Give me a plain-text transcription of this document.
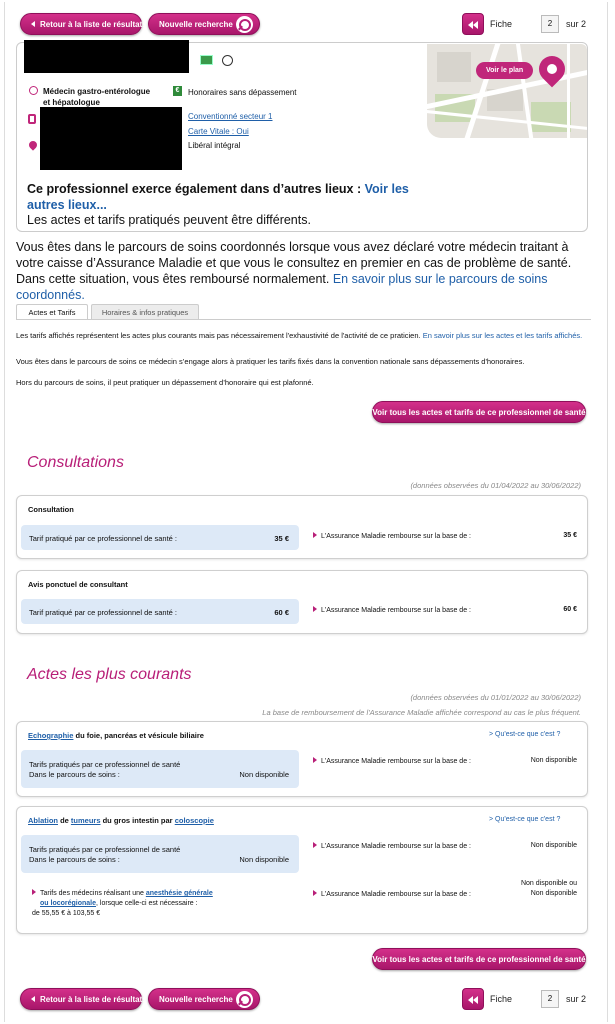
Retour à la liste de résultats Nouvelle recherche	Fiche	2	sur 2
Médecin gastro-entérologue
et hépatologue
€	Honoraires sans dépassement
Conventionné secteur 1
Carte Vitale : Oui
Libéral intégral
Voir le plan
Ce professionnel exerce également dans d’autres lieux : Voir les autres lieux...
Les actes et tarifs pratiqués peuvent être différents.
Vous êtes dans le parcours de soins coordonnés lorsque vous avez déclaré votre médecin traitant à votre caisse d’Assurance Maladie et que vous le consultez en premier en cas de problème de santé. Dans cette situation, vous êtes remboursé normalement. En savoir plus sur le parcours de soins coordonnés.
Actes et Tarifs	Horaires & infos pratiques
Les tarifs affichés représentent les actes plus courants mais pas nécessairement l'exhaustivité de l'activité de ce praticien. En savoir plus sur les actes et les tarifs affichés.
Vous êtes dans le parcours de soins ce médecin s’engage alors à pratiquer les tarifs fixés dans la convention nationale sans dépassements d'honoraires.
Hors du parcours de soins, il peut pratiquer un dépassement d’honoraire qui est plafonné.
Voir tous les actes et tarifs de ce professionnel de santé
Consultations
(données observées du 01/04/2022 au 30/06/2022)
Consultation
Tarif pratiqué par ce professionnel de santé :	35 €	L'Assurance Maladie rembourse sur la base de :	35 €
Avis ponctuel de consultant
Tarif pratiqué par ce professionnel de santé :	60 €	L'Assurance Maladie rembourse sur la base de :	60 €
Actes les plus courants
(données observées du 01/01/2022 au 30/06/2022)
La base de remboursement de l'Assurance Maladie affichée correspond au cas le plus fréquent.
Echographie du foie, pancréas et vésicule biliaire	> Qu'est-ce que c'est ?
Tarifs pratiqués par ce professionnel de santé
Dans le parcours de soins :	Non disponible
L'Assurance Maladie rembourse sur la base de :	Non disponible
Ablation de tumeurs du gros intestin par coloscopie	> Qu'est-ce que c'est ?
Tarifs pratiqués par ce professionnel de santé
Dans le parcours de soins :	Non disponible
L'Assurance Maladie rembourse sur la base de :	Non disponible
Tarifs des médecins réalisant une anesthésie générale
ou locorégionale, lorsque celle-ci est nécessaire :
de 55,55 € à 103,55 €
L'Assurance Maladie rembourse sur la base de :
Non disponible ou
Non disponible
Voir tous les actes et tarifs de ce professionnel de santé
Retour à la liste de résultats Nouvelle recherche	Fiche	2	sur 2
